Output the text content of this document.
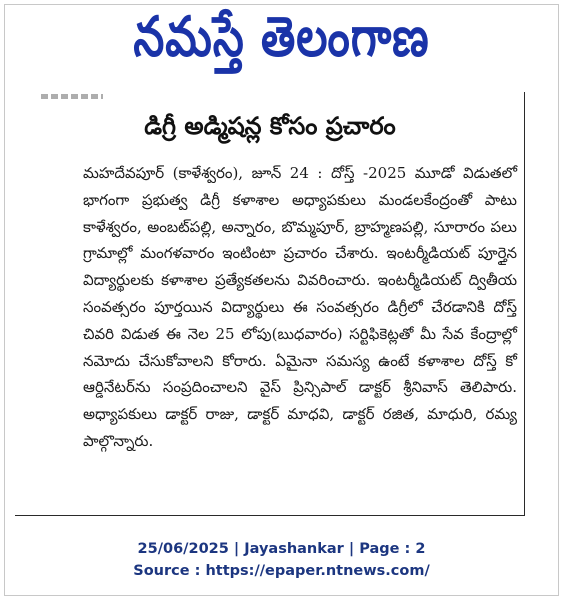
నమస్తే తెలంగాణ
డిగ్రీ అడ్మిషన్ల కోసం ప్రచారం

మహదేవపూర్‌ (కాళేశ్వరం), జూన్‌ 24 : దోస్త్‌ -2025 మూడో విడుతలో భాగంగా ప్రభుత్వ డిగ్రీ కళాశాల అధ్యాపకులు మండలకేంద్రంతో పాటు కాళేశ్వరం, అంబట్‌పల్లి, అన్నారం, బొమ్మపూర్‌, బ్రాహ్మణపల్లి, సూరారం పలు గ్రామాల్లో మంగళవారం ఇంటింటా ప్రచారం చేశారు. ఇంటర్మీడియట్‌ పూర్తైన విద్యార్థులకు కళాశాల ప్రత్యేకతలను వివరించారు. ఇంటర్మీడియట్‌ ద్వితీయ సంవత్సరం పూర్తయిన విద్యార్థులు ఈ సంవత్సరం డిగ్రీలో చేరడానికి దోస్త్‌ చివరి విడుత ఈ నెల 25 లోపు(బుధవారం) సర్టిఫికెట్లతో మీ సేవ కేంద్రాల్లో నమోదు చేసుకోవాలని కోరారు. ఏమైనా సమస్య ఉంటే కళాశాల దోస్త్‌ కో ఆర్డినేటర్‌ను సంప్రదించాలని వైస్‌ ప్రిన్సిపాల్‌ డాక్టర్‌ శ్రీనివాస్‌ తెలిపారు. అధ్యాపకులు డాక్టర్‌ రాజు, డాక్టర్‌ మాధవి, డాక్టర్‌ రజిత, మాధురి, రమ్య పాల్గొన్నారు.

25/06/2025 | Jayashankar | Page : 2
Source : https://epaper.ntnews.com/
